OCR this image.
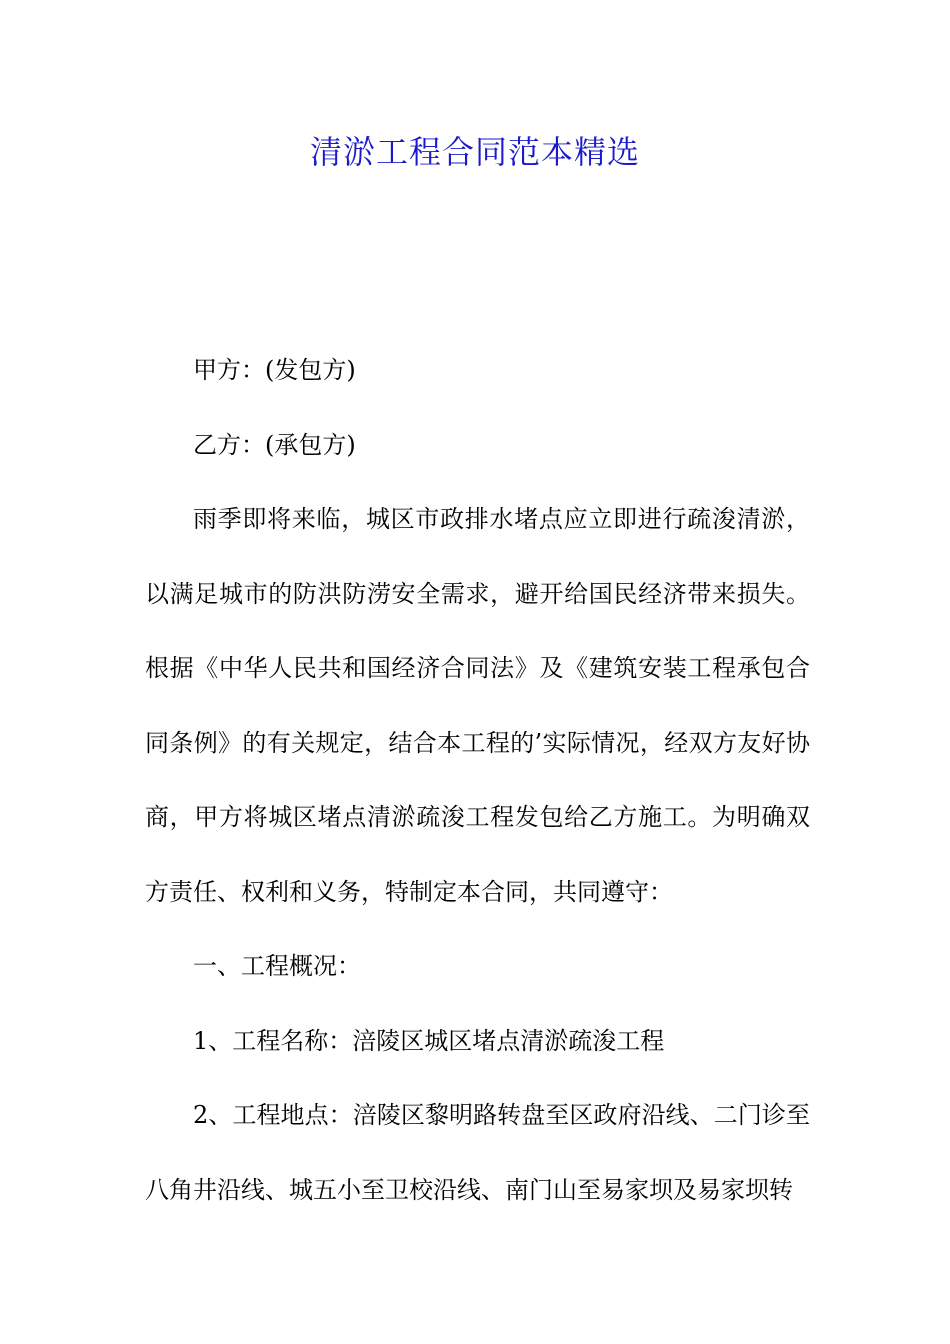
清淤工程合同范本精选

甲方：(发包方)

乙方：(承包方)

雨季即将来临，城区市政排水堵点应立即进行疏浚清淤，以满足城市的防洪防涝安全需求，避开给国民经济带来损失。根据《中华人民共和国经济合同法》及《建筑安装工程承包合同条例》的有关规定，结合本工程的’实际情况，经双方友好协商，甲方将城区堵点清淤疏浚工程发包给乙方施工。为明确双方责任、权利和义务，特制定本合同，共同遵守：

一、工程概况：

1、工程名称：涪陵区城区堵点清淤疏浚工程

2、工程地点：涪陵区黎明路转盘至区政府沿线、二门诊至八角井沿线、城五小至卫校沿线、南门山至易家坝及易家坝转
